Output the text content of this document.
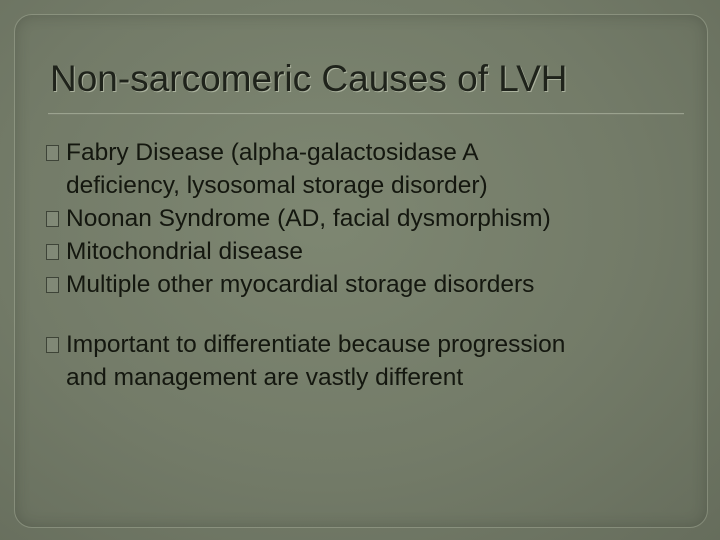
Non-sarcomeric Causes of LVH
Fabry Disease (alpha-galactosidase A
deficiency, lysosomal storage disorder)
Noonan Syndrome (AD, facial dysmorphism)
Mitochondrial disease
Multiple other myocardial storage disorders
Important to differentiate because progression
and management are vastly different
